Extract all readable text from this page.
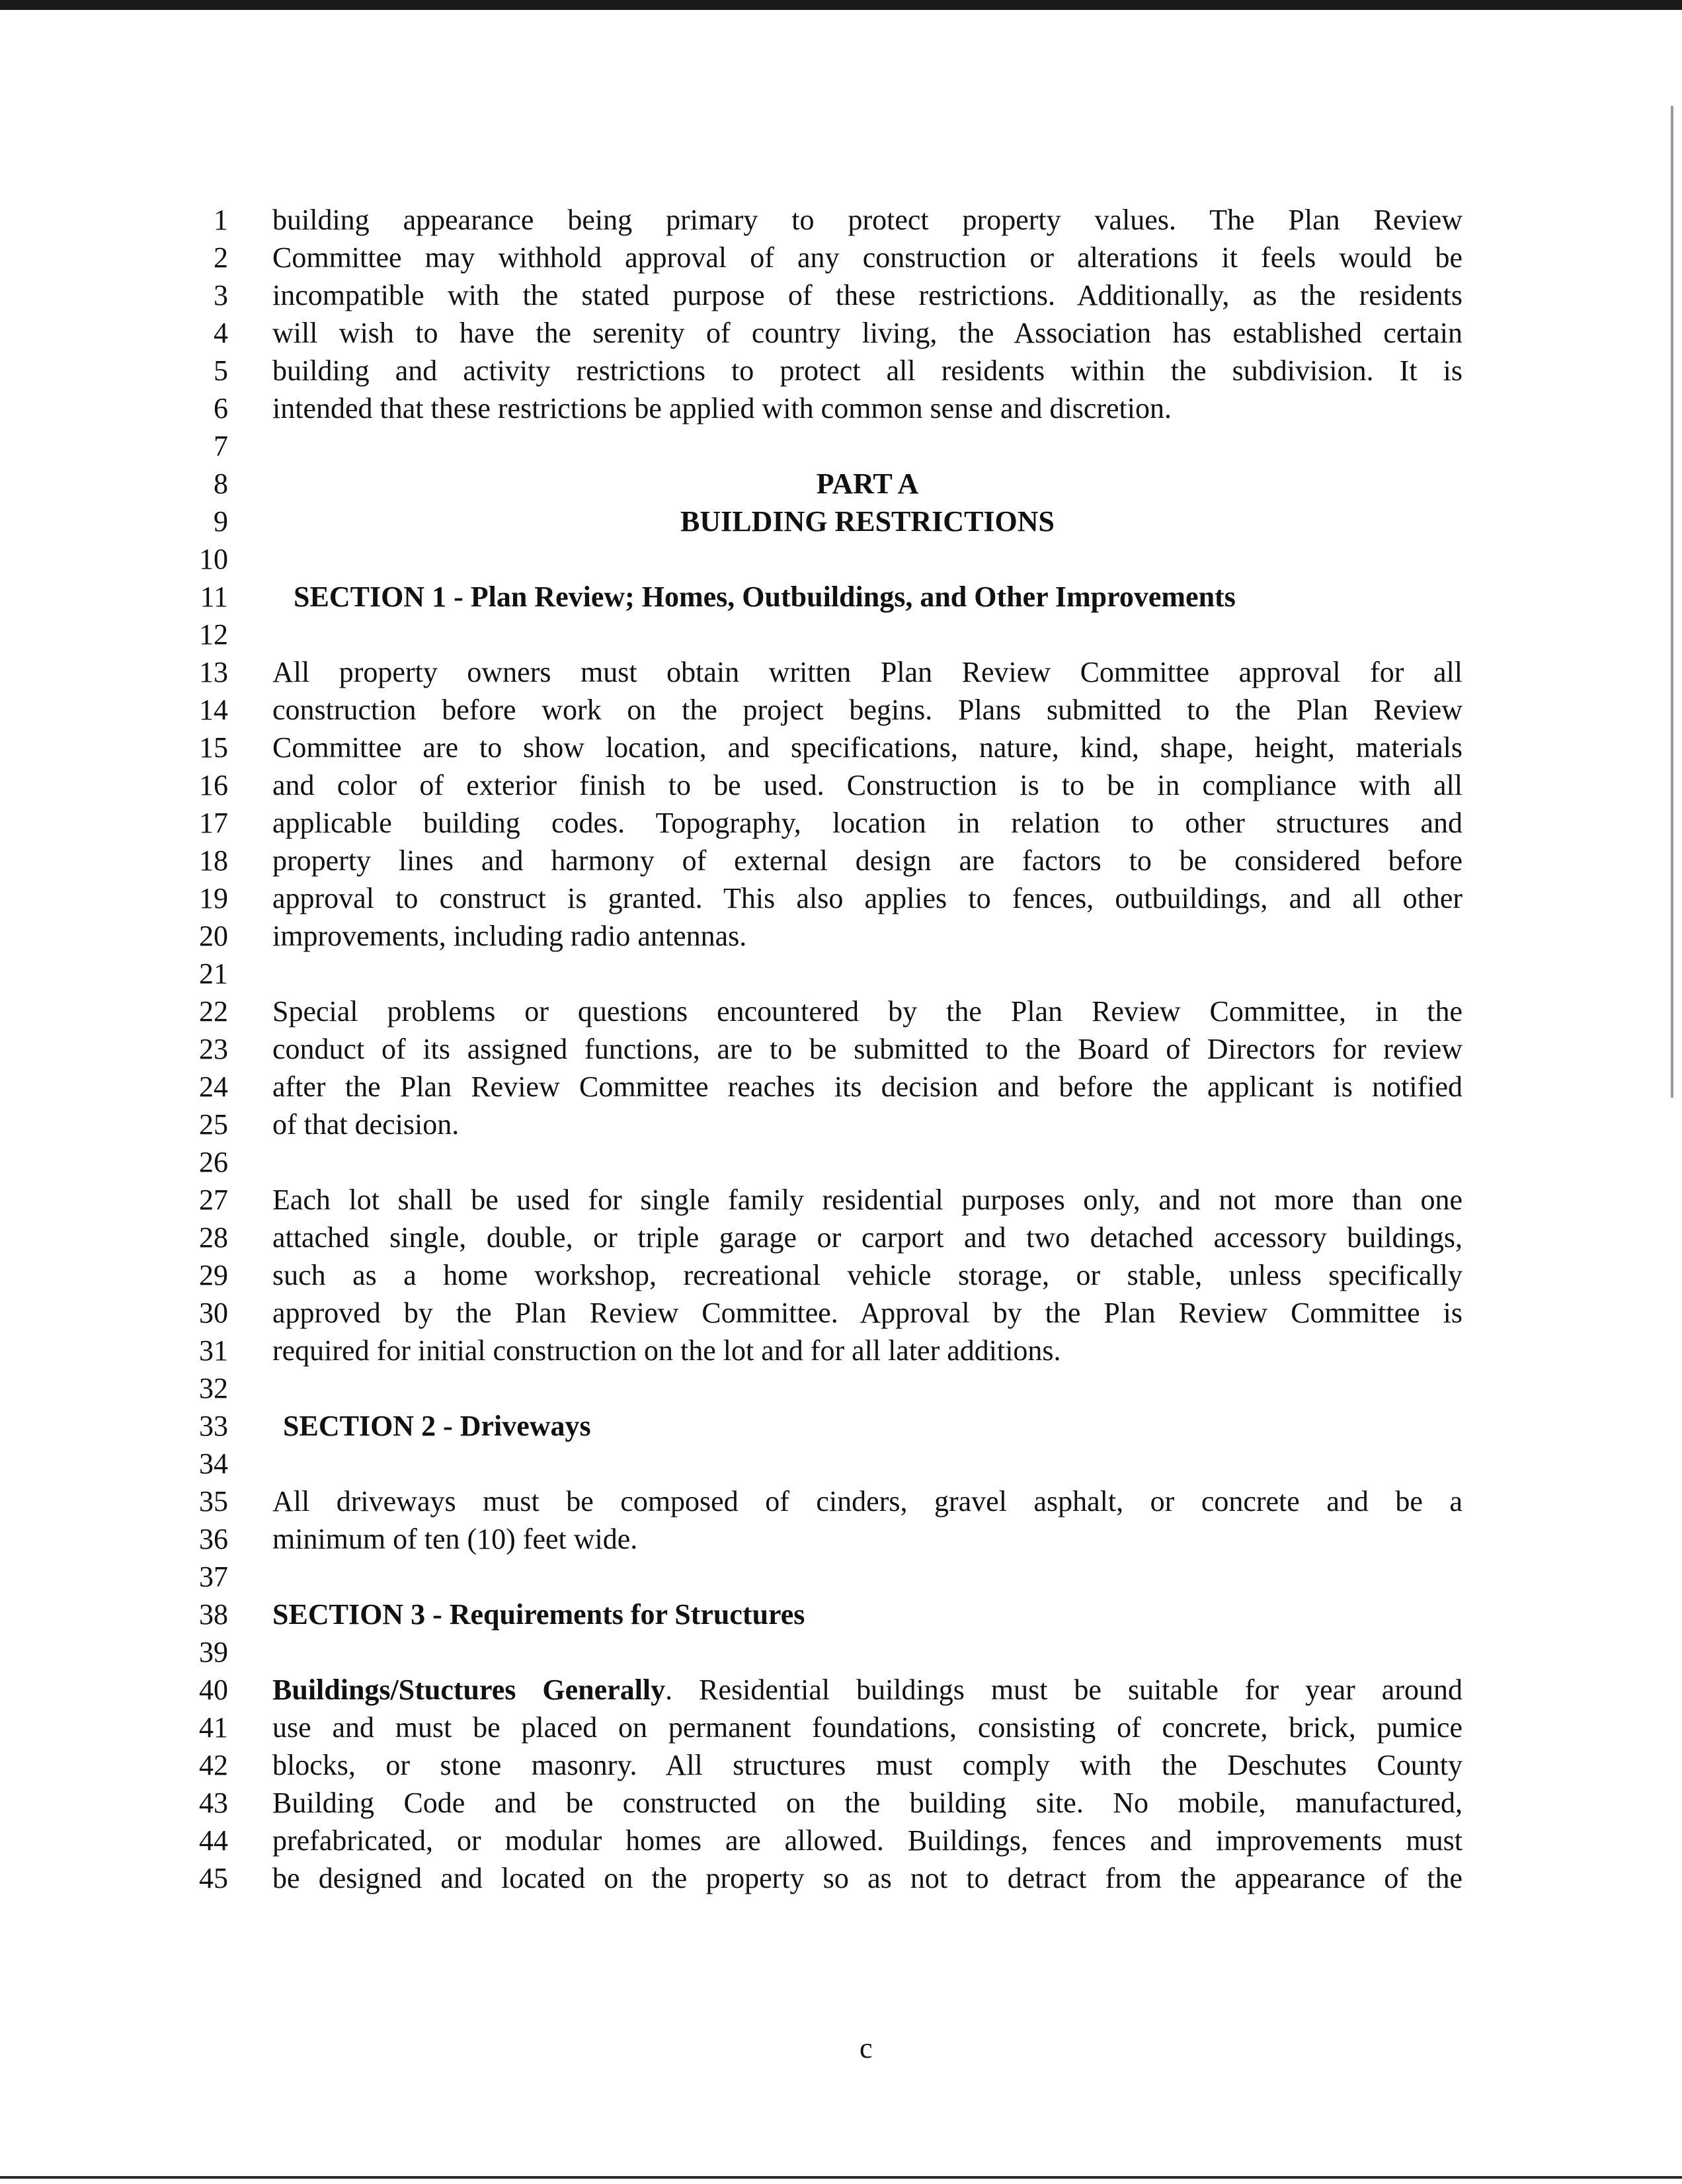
1 building appearance being primary to protect property values. The Plan Review
2 Committee may withhold approval of any construction or alterations it feels would be
3 incompatible with the stated purpose of these restrictions. Additionally, as the residents
4 will wish to have the serenity of country living, the Association has established certain
5 building and activity restrictions to protect all residents within the subdivision. It is
6 intended that these restrictions be applied with common sense and discretion.
7
8	PART A
9	BUILDING RESTRICTIONS
10
11 SECTION 1 - Plan Review; Homes, Outbuildings, and Other Improvements
12
13 All property owners must obtain written Plan Review Committee approval for all
14 construction before work on the project begins. Plans submitted to the Plan Review
15 Committee are to show location, and specifications, nature, kind, shape, height, materials
16 and color of exterior finish to be used. Construction is to be in compliance with all
17 applicable building codes. Topography, location in relation to other structures and
18 property lines and harmony of external design are factors to be considered before
19 approval to construct is granted. This also applies to fences, outbuildings, and all other
20 improvements, including radio antennas.
21
22 Special problems or questions encountered by the Plan Review Committee, in the
23 conduct of its assigned functions, are to be submitted to the Board of Directors for review
24 after the Plan Review Committee reaches its decision and before the applicant is notified
25 of that decision.
26
27 Each lot shall be used for single family residential purposes only, and not more than one
28 attached single, double, or triple garage or carport and two detached accessory buildings,
29 such as a home workshop, recreational vehicle storage, or stable, unless specifically
30 approved by the Plan Review Committee. Approval by the Plan Review Committee is
31 required for initial construction on the lot and for all later additions.
32
33 SECTION 2 - Driveways
34
35 All driveways must be composed of cinders, gravel asphalt, or concrete and be a
36 minimum of ten (10) feet wide.
37
38 SECTION 3 - Requirements for Structures
39
40 Buildings/Stuctures Generally. Residential buildings must be suitable for year around
41 use and must be placed on permanent foundations, consisting of concrete, brick, pumice
42 blocks, or stone masonry. All structures must comply with the Deschutes County
43 Building Code and be constructed on the building site. No mobile, manufactured,
44 prefabricated, or modular homes are allowed. Buildings, fences and improvements must
45 be designed and located on the property so as not to detract from the appearance of the
c
